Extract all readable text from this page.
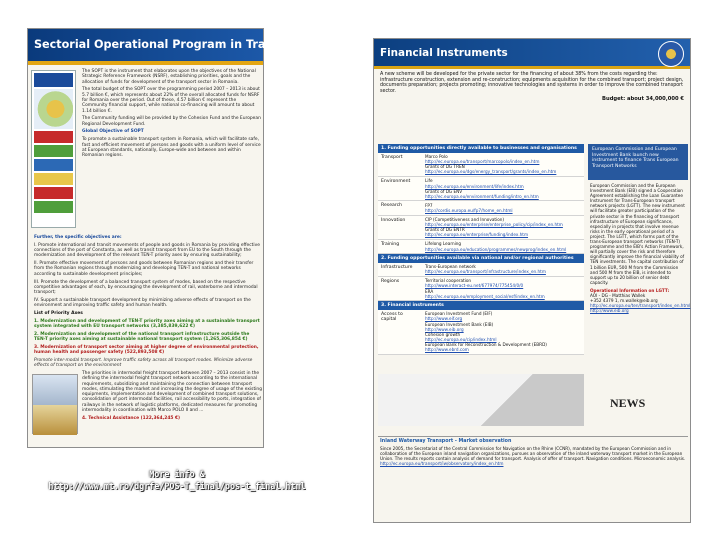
Sectorial Operational Program in Transports

The SOPT is the instrument that elaborates upon the objectives of the National Strategic Reference Framework (NSRF), establishing priorities, goals and the allocation of funds for development of the transport sector in Romania.

The total budget of the SOPT over the programming period 2007 – 2013 is about 5.7 billion €, which represents about 22% of the overall allocated funds for NSRF for Romania over the period. Out of these, 4.57 billion € represent the Community financial support, while national co-financing will amount to about 1.14 billion €.

The Community funding will be provided by the Cohesion Fund and the European Regional Development Fund.

Global Objective of SOPT

To promote a sustainable transport system in Romania, which will facilitate safe, fast and efficient movement of persons and goods with a uniform level of service at European standards, nationally, Europe-wide and between and within Romanian regions.

Further, the specific objectives are:

I. Promote international and transit movements of people and goods in Romania by providing effective connections of the port of Constanta, as well as transit transport from EU to the South through the modernization and development of the relevant TEN-T priority axes by ensuring sustainability;

II. Promote effective movement of persons and goods between Romanian regions and their transfer from the Romanian regions through modernizing and developing TEN-T and national networks according to sustainable development principles;

III. Promote the development of a balanced transport system of modes, based on the respective competitive advantages of each, by encouraging the development of rail, waterborne and intermodal transport;

IV. Support a sustainable transport development by minimizing adverse effects of transport on the environment and improving traffic safety and human health.

List of Priority Axes

1. Modernization and development of TEN-T priority axes aiming at a sustainable transport system integrated with EU transport networks (3,385,839,622 €)

2. Modernization and development of the national transport infrastructure outside the TEN-T priority axes aiming at sustainable national transport system (1,265,306,854 €)

3. Modernization of transport sector aiming at higher degree of environmental protection, human health and passenger safety (522,893,508 €)

Promote inter-modal transport. Improve traffic safety across all transport modes. Minimize adverse effects of transport on the environment

The priorities in intermodal freight transport between 2007 – 2013 consist in the defining the intermodal freight transport network according to the international requirements, subsidizing and maintaining the connection between transport modes, stimulating the market and increasing the degree of usage of the existing equipments, implementation and development of combined transport solutions, consolidation of port intermodal facilities, rail accessibility to ports, integration of railways in the network of logistic platforms, dedicated measures for promoting intermodality in coordination with Marco POLO II and ...

4. Technical Assistance (122,364,245 €)

More info &
http://www.mt.ro/dgrfe/POS-T_final/pos-t_final.html
Financial Instruments

A new scheme will be developed for the private sector for the financing of about 38% from the costs regarding the: infrastructure construction, extension and re-construction; equipments acquisition for the combined transport; project design, documents preparation; projects promoting; innovative technologies and systems in order to improve the combined transport sector.

Budget: about 34,000,000 €
1. Funding opportunities directly available to businesses and organisations
Transport	Marco Polo
http://ec.europa.eu/transport/marcopolo/index_en.htm
Grants of DG TREN
http://ec.europa.eu/dgs/energy_transport/grants/index_en.htm
Environment	Life
http://ec.europa.eu/environment/life/index.htm
Grants of DG ENV
http://ec.europa.eu/environment/funding/intro_en.htm
Research	FP7
http://cordis.europa.eu/fp7/home_en.html
Innovation	CIP (Competitiveness and Innovation)
http://ec.europa.eu/enterprise/enterprise_policy/cip/index_en.htm
Grants of DG ENTR
http://ec.europa.eu/enterprise/funding/index.htm
Training	Lifelong Learning
http://ec.europa.eu/education/programmes/newprog/index_en.html
2. Funding opportunities available via national and/or regional authorities
Infrastructure	Trans-European network
http://ec.europa.eu/transport/infrastructure/index_en.htm
Regions	Territorial cooperation
http://www.interact-eu.net/677974/775454/0/0
ERA
http://ec.europa.eu/employment_social/esf/index_en.htm
3. Financial instruments
Access to capital
European Investment Fund (EIF)
http://www.eif.org
European Investment Bank (EIB)
http://www.eib.org
Cohesion growth
http://ec.europa.eu/cip/index.html
European Bank for Reconstruction & Development (EBRD)
http://www.ebrd.com
European Commission and European Investment Bank launch new instrument to finance Trans European Transport Networks
European Commission and the European Investment Bank (EIB) signed a Cooperation Agreement establishing the Loan Guarantee Instrument for Trans-European transport network projects (LGTT). The new instrument will facilitate greater participation of the private sector in the financing of transport infrastructure of European significance, especially in projects that involve revenue risks in the early operational period of a project. The LGTT, which forms part of the trans-European transport networks (TEN-T) programme and the EIB's Action Framework, will partially cover the risk and therefore significantly improve the financial viability of TEN investments. The capital contribution of 1 billion EUR, 500 M from the Commission and 500 M from the EIB, is intended to support up to 20 billion of senior debt capacity.
Operational Information on LGTT:
AOI - DG - Matthias Wallek
+352 4379 1, m.wallek@eib.org
http://ec.europa.eu/ten/transport/index_en.html
http://www.eib.org
NEWS
Inland Waterway Transport - Market observation
Since 2005, the Secretariat of the Central Commission for Navigation on the Rhine (CCNR), mandated by the European Commission and in collaboration of the European inland navigation organizations, pursues an observation of the inland waterway transport market in the European Union. The results reports contain analysis of demand for transport. Analysis of offer of transport. Navigation conditions. Microeconomic analysis.
http://ec.europa.eu/transport/iw/observatory/index_en.htm
